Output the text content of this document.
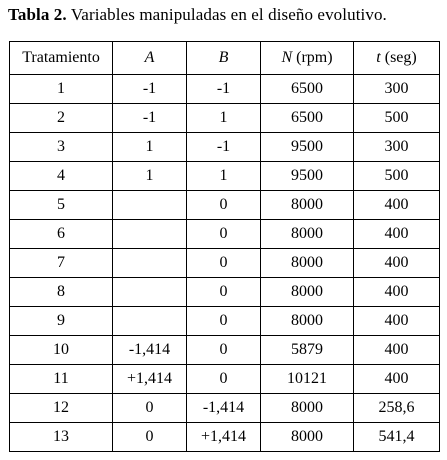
Tabla 2. Variables manipuladas en el diseño evolutivo.
Tratamiento	A	B	N (rpm)	t (seg)
1	-1	-1	6500	300
2	-1	1	6500	500
3	1	-1	9500	300
4	1	1	9500	500
5		0	8000	400
6		0	8000	400
7		0	8000	400
8		0	8000	400
9		0	8000	400
10	-1,414	0	5879	400
11	+1,414	0	10121	400
12	0	-1,414	8000	258,6
13	0	+1,414	8000	541,4
